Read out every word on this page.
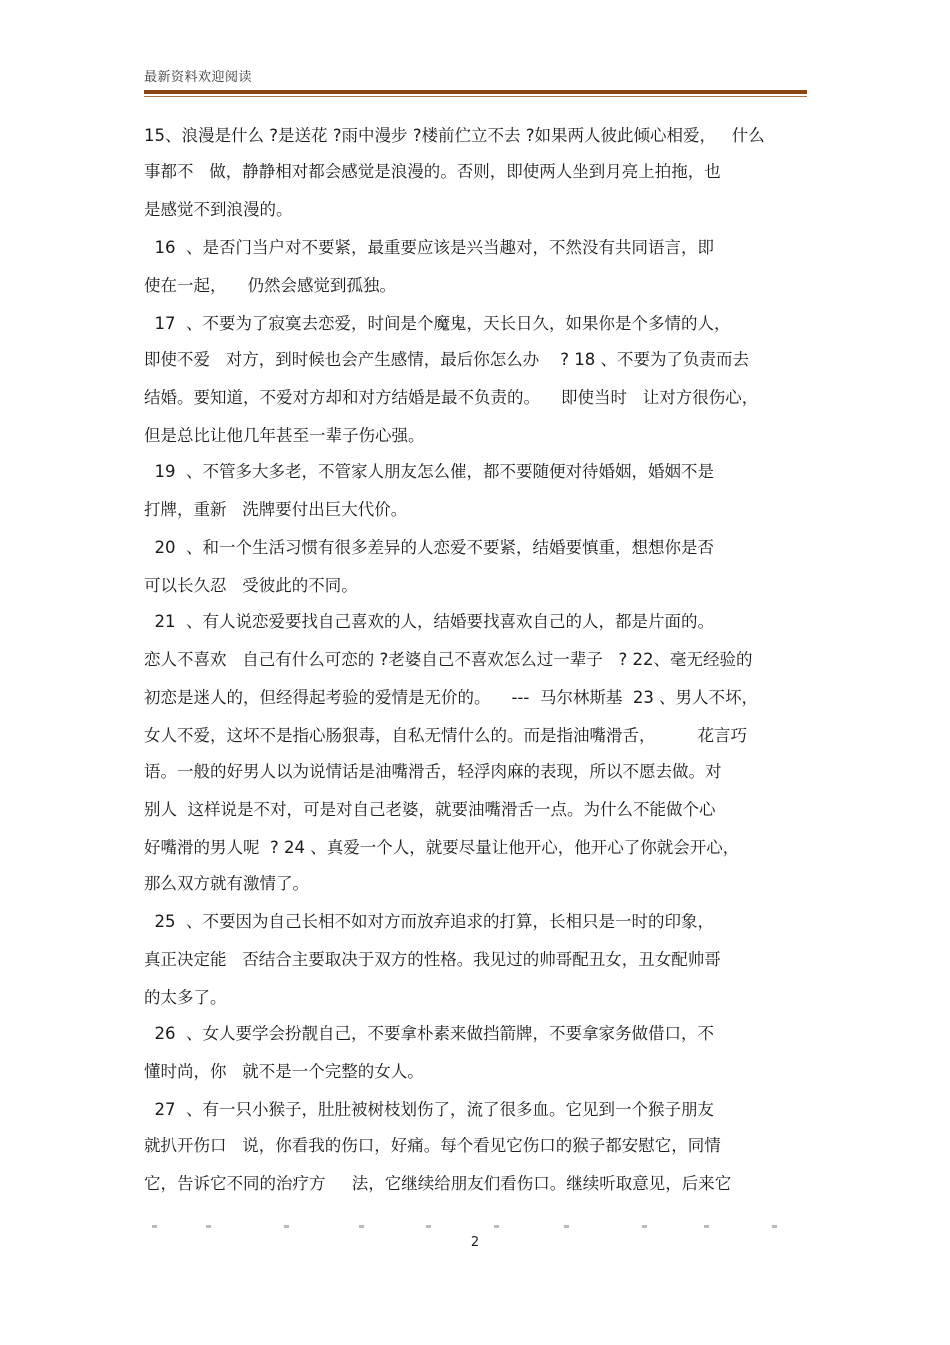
最新资料欢迎阅读
15、浪漫是什么 ?是送花 ?雨中漫步 ?楼前伫立不去 ?如果两人彼此倾心相爱，   什么
事都不   做，静静相对都会感觉是浪漫的。否则，即使两人坐到月亮上拍拖，也
是感觉不到浪漫的。
16  、是否门当户对不要紧，最重要应该是兴当趣对，不然没有共同语言，即
使在一起，    仍然会感觉到孤独。
17  、不要为了寂寞去恋爱，时间是个魔鬼，天长日久，如果你是个多情的人，
即使不爱   对方，到时候也会产生感情，最后你怎么办    ? 18 、不要为了负责而去
结婚。要知道，不爱对方却和对方结婚是最不负责的。    即使当时   让对方很伤心，
但是总比让他几年甚至一辈子伤心强。
19  、不管多大多老，不管家人朋友怎么催，都不要随便对待婚姻，婚姻不是
打牌，重新   洗牌要付出巨大代价。
20  、和一个生活习惯有很多差异的人恋爱不要紧，结婚要慎重，想想你是否
可以长久忍   受彼此的不同。
21  、有人说恋爱要找自己喜欢的人，结婚要找喜欢自己的人，都是片面的。
恋人不喜欢   自己有什么可恋的 ?老婆自己不喜欢怎么过一辈子   ? 22、毫无经验的
初恋是迷人的，但经得起考验的爱情是无价的。    ---  马尔林斯基  23 、男人不坏，
女人不爱，这坏不是指心肠狠毒，自私无情什么的。而是指油嘴滑舌，        花言巧
语。一般的好男人以为说情话是油嘴滑舌，轻浮肉麻的表现，所以不愿去做。对
别人  这样说是不对，可是对自己老婆，就要油嘴滑舌一点。为什么不能做个心
好嘴滑的男人呢  ? 24 、真爱一个人，就要尽量让他开心，他开心了你就会开心，
那么双方就有激情了。
25  、不要因为自己长相不如对方而放弃追求的打算，长相只是一时的印象，
真正决定能   否结合主要取决于双方的性格。我见过的帅哥配丑女，丑女配帅哥
的太多了。
26  、女人要学会扮靓自己，不要拿朴素来做挡箭牌，不要拿家务做借口，不
懂时尚，你   就不是一个完整的女人。
27  、有一只小猴子，肚肚被树枝划伤了，流了很多血。它见到一个猴子朋友
就扒开伤口   说，你看我的伤口，好痛。每个看见它伤口的猴子都安慰它，同情
它，告诉它不同的治疗方     法，它继续给朋友们看伤口。继续听取意见，后来它
2
